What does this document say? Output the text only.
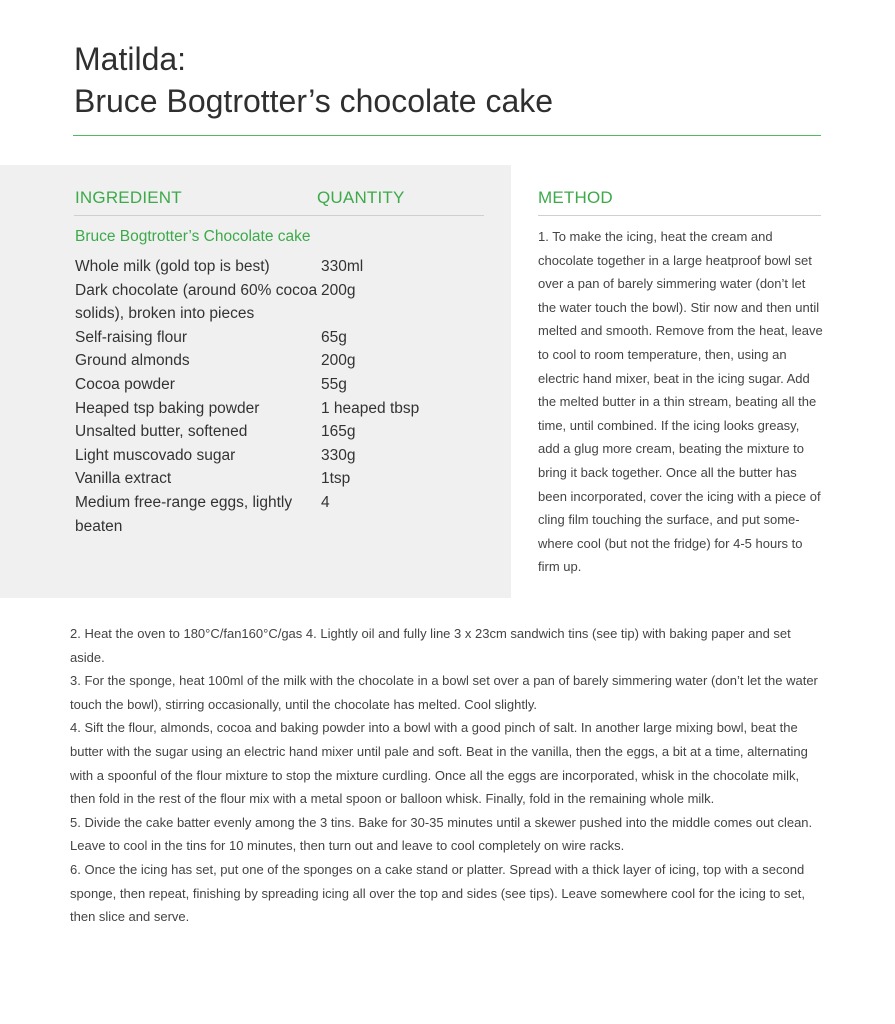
Matilda:
Bruce Bogtrotter’s chocolate cake
INGREDIENT	QUANTITY
Bruce Bogtrotter’s Chocolate cake
Whole milk (gold top is best)	330ml
Dark chocolate (around 60% cocoa solids), broken into pieces	200g
Self-raising flour	65g
Ground almonds	200g
Cocoa powder	55g
Heaped tsp baking powder	1 heaped tbsp
Unsalted butter, softened	165g
Light muscovado sugar	330g
Vanilla extract	1tsp
Medium free-range eggs, lightly beaten	4
METHOD

1. To make the icing, heat the cream and chocolate together in a large heatproof bowl set over a pan of barely simmering water (don’t let the water touch the bowl). Stir now and then until melted and smooth. Remove from the heat, leave to cool to room temperature, then, using an electric hand mixer, beat in the icing sugar. Add the melted butter in a thin stream, beating all the time, until combined. If the icing looks greasy, add a glug more cream, beating the mixture to bring it back together. Once all the butter has been incorporated, cover the icing with a piece of cling film touching the surface, and put somewhere cool (but not the fridge) for 4-5 hours to firm up.

2. Heat the oven to 180°C/fan160°C/gas 4. Lightly oil and fully line 3 x 23cm sandwich tins (see tip) with baking paper and set aside.

3. For the sponge, heat 100ml of the milk with the chocolate in a bowl set over a pan of barely simmering water (don’t let the water touch the bowl), stirring occasionally, until the chocolate has melted. Cool slightly.

4. Sift the flour, almonds, cocoa and baking powder into a bowl with a good pinch of salt. In another large mixing bowl, beat the butter with the sugar using an electric hand mixer until pale and soft. Beat in the vanilla, then the eggs, a bit at a time, alternating with a spoonful of the flour mixture to stop the mixture curdling. Once all the eggs are incorporated, whisk in the chocolate milk, then fold in the rest of the flour mix with a metal spoon or balloon whisk. Finally, fold in the remaining whole milk.

5. Divide the cake batter evenly among the 3 tins. Bake for 30-35 minutes until a skewer pushed into the middle comes out clean. Leave to cool in the tins for 10 minutes, then turn out and leave to cool completely on wire racks.

6. Once the icing has set, put one of the sponges on a cake stand or platter. Spread with a thick layer of icing, top with a second sponge, then repeat, finishing by spreading icing all over the top and sides (see tips). Leave somewhere cool for the icing to set, then slice and serve.
